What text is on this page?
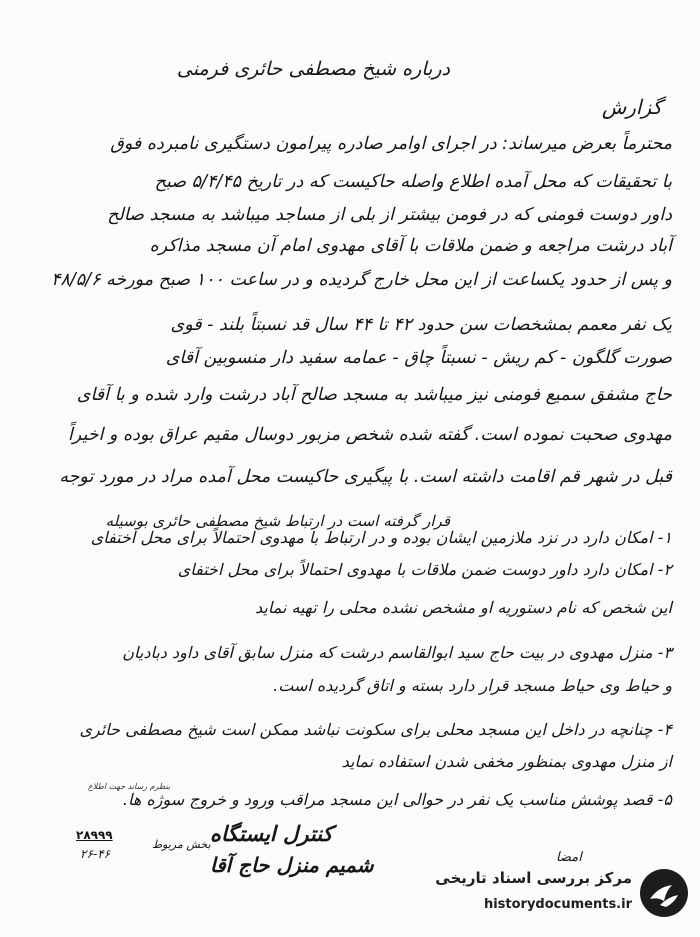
درباره شیخ مصطفی حائری فرمنی
گزارش
محترماً بعرض میرساند: در اجرای اوامر صادره پیرامون دستگیری نامبرده فوق
با تحقیقات که محل آمده اطلاع واصله حاکیست که در تاریخ ۵/۴/۴۵ صبح
داور دوست فومنی که در فومن بیشتر از بلی از مساجد میباشد به مسجد صالح
آباد درشت مراجعه و ضمن ملاقات با آقای مهدوی امام آن مسجد مذاکره
و پس از حدود یکساعت از این محل خارج گردیده و در ساعت ۱۰۰ صبح مورخه ۴۸/۵/۶
یک نفر معمم بمشخصات سن حدود ۴۲ تا ۴۴ سال قد نسبتاً بلند - قوی
صورت گلگون - کم ریش - نسبتاً چاق - عمامه سفید دار منسوبین آقای
حاج مشفق سمیع فومنی نیز میباشد به مسجد صالح آباد درشت وارد شده و با آقای
مهدوی صحبت نموده است. گفته شده شخص مزبور دوسال مقیم عراق بوده و اخیراً
قبل در شهر قم اقامت داشته است. با پیگیری حاکیست محل آمده مراد در مورد توجه
قرار گرفته است در ارتباط شیخ مصطفی حائری بوسیله
۱- امکان دارد در نزد ملازمین ایشان بوده و در ارتباط با مهدوی احتمالاً برای محل اختفای
۲- امکان دارد داور دوست ضمن ملاقات با مهدوی احتمالاً برای محل اختفای
این شخص که نام دستوریه او مشخص نشده محلی را تهیه نماید
۳- منزل مهدوی در بیت حاج سید ابوالقاسم درشت که منزل سابق آقای داود دبادیان
و حیاط وی حیاط مسجد قرار دارد بسته و اتاق گردیده است.
۴- چنانچه در داخل این مسجد محلی برای سکونت نباشد ممکن است شیخ مصطفی حائری
از منزل مهدوی بمنظور مخفی شدن استفاده نماید
۵- قصد پوشش مناسب یک نفر در حوالی این مسجد مراقب ورود و خروج سوژه ها.
بنظرم رساند جهت اطلاع
کنترل ایستگاه
شمیم منزل حاج آقا
۲۸۹۹۹
۲۶-۴۶
بخش مربوط
امضا
مرکز بررسی اسناد تاریخی
historydocuments.ir
